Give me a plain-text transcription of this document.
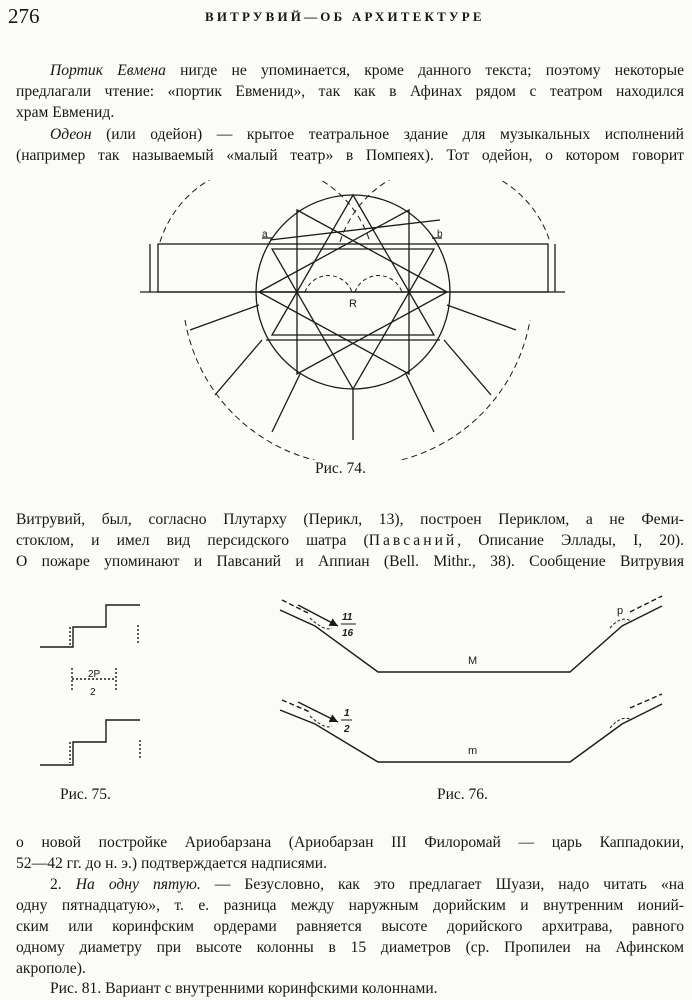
276	ВИТРУВИЙ—ОБ АРХИТЕКТУРЕ
Портик Евмена нигде не упоминается, кроме данного текста; поэтому некоторые
предлагали чтение: «портик Евменид», так как в Афинах рядом с театром находился
храм Евменид.
Одеон (или одейон) — крытое театральное здание для музыкальных исполнений
(например так называемый «малый театр» в Помпеях). Тот одейон, о котором говорит
a	b
R
Рис. 74.
Витрувий, был, согласно Плутарху (Перикл, 13), построен Периклом, а не Феми-
стоклом, и имел вид персидского шатра (Павсаний, Описание Эллады, I, 20).
О пожаре упоминают и Павсаний и Аппиан (Bell. Mithr., 38). Сообщение Витрувия
2P
2
Рис. 75.
11
16
1
2
p
M
m
Рис. 76.
о новой постройке Ариобарзана (Ариобарзан III Филоромай — царь Каппадокии,
52—42 гг. до н. э.) подтверждается надписями.
2. На одну пятую. — Безусловно, как это предлагает Шуази, надо читать «на
одну пятнадцатую», т. е. разница между наружным дорийским и внутренним ионий-
ским или коринфским ордерами равняется высоте дорийского архитрава, равного
одному диаметру при высоте колонны в 15 диаметров (ср. Пропилеи на Афинском
акрополе).
Рис. 81. Вариант с внутренними коринфскими колоннами.
